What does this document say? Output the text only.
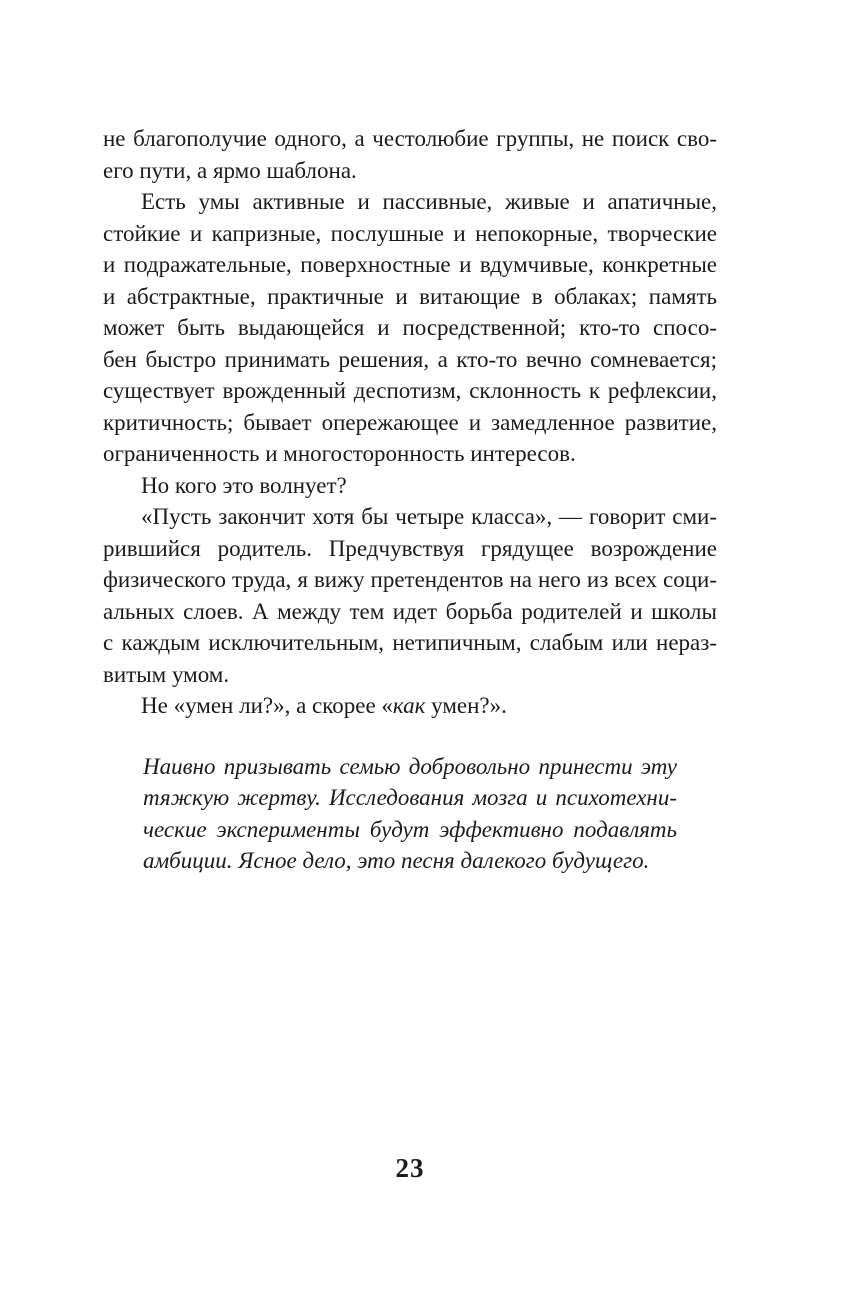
не благополучие одного, а честолюбие группы, не поиск сво-
его пути, а ярмо шаблона.
Есть умы активные и пассивные, живые и апатичные,
стойкие и капризные, послушные и непокорные, творческие
и подражательные, поверхностные и вдумчивые, конкретные
и абстрактные, практичные и витающие в облаках; память
может быть выдающейся и посредственной; кто-то спосо-
бен быстро принимать решения, а кто-то вечно сомневается;
существует врожденный деспотизм, склонность к рефлексии,
критичность; бывает опережающее и замедленное развитие,
ограниченность и многосторонность интересов.
Но кого это волнует?
«Пусть закончит хотя бы четыре класса», — говорит сми-
рившийся родитель. Предчувствуя грядущее возрождение
физического труда, я вижу претендентов на него из всех соци-
альных слоев. А между тем идет борьба родителей и школы
с каждым исключительным, нетипичным, слабым или нераз-
витым умом.
Не «умен ли?», а скорее «как умен?».
Наивно призывать семью добровольно принести эту
тяжкую жертву. Исследования мозга и психотехни-
ческие эксперименты будут эффективно подавлять
амбиции. Ясное дело, это песня далекого будущего.
23
